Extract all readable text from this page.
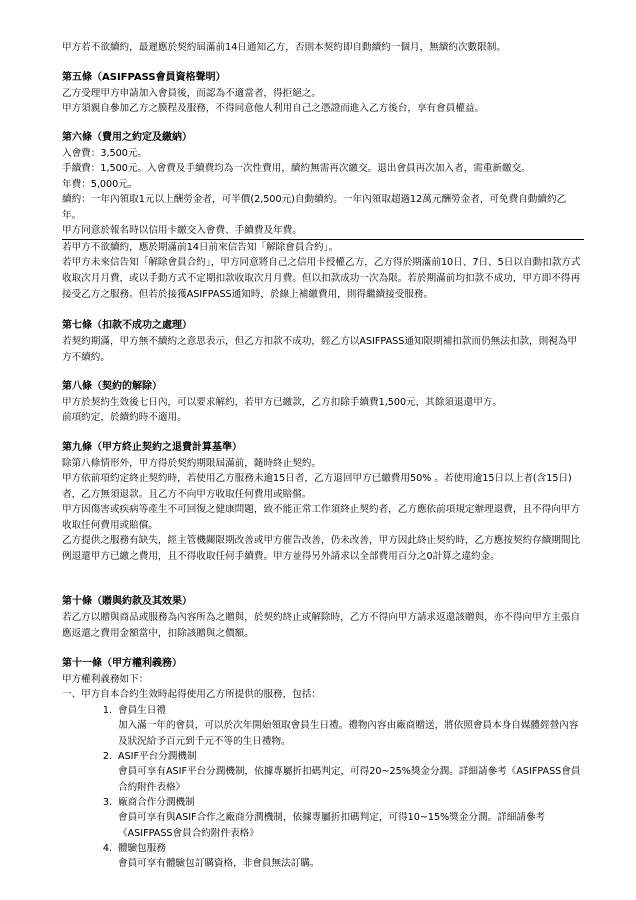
甲方若不欲續約，最遲應於契約屆滿前14日通知乙方，否則本契約即自動續約一個月，無續約次數限制。

第五條（ASIFPASS會員資格聲明）

乙方受理甲方申請加入會員後，而認為不適當者，得拒絕之。

甲方須親自參加乙方之膜程及服務，不得同意他人利用自己之憑證而進入乙方後台，享有會員權益。

第六條（費用之約定及繳納）

入會費：3,500元。

手續費：1,500元。入會費及手續費均為一次性費用，續約無需再次繳交。退出會員再次加入者，需重新繳交。

年費：5,000元。

續約：一年內領取1元以上酬勞金者，可半價(2,500元)自動續約。一年內領取超過12萬元酬勞金者，可免費自動續約乙年。

甲方同意於報名時以信用卡繳交入會費、手續費及年費。

若甲方不欲續約，應於期滿前14日前來信告知「解除會員合約」。

若甲方未來信告知「解除會員合約」，甲方同意將自己之信用卡授權乙方，乙方得於期滿前10日、7日、5日以自動扣款方式收取次月月費，或以手動方式不定期扣款收取次月月費。但以扣款成功一次為限。若於期滿前均扣款不成功，甲方即不得再接受乙方之服務。但若於接獲ASIFPASS通知時，於線上補繳費用，則得繼續接受服務。

第七條（扣款不成功之處理）

若契約期滿，甲方無不續約之意思表示，但乙方扣款不成功，經乙方以ASIFPASS通知限期補扣款而仍無法扣款，則視為甲方不續約。

第八條（契約的解除）

甲方於契約生效後七日內，可以要求解約，若甲方已繳款，乙方扣除手續費1,500元，其餘須退還甲方。

前項約定，於續約時不適用。

第九條（甲方終止契約之退費計算基準）

除第八條情形外，甲方得於契約期限屆滿前，隨時終止契約。

甲方依前項約定終止契約時，若使用乙方服務未逾15日者，乙方退回甲方已繳費用50% 。若使用逾15日以上者(含15日)者，乙方無須退款。且乙方不向甲方收取任何費用或賠償。

甲方因傷害或疾病等產生不可回復之健康問題，致不能正常工作須終止契約者，乙方應依前項規定辦理退費，且不得向甲方收取任何費用或賠償。

乙方提供之服務有缺失，經主管機關限期改善或甲方催告改善，仍未改善，甲方因此終止契約時，乙方應按契約存續期間比例退還甲方已繳之費用，且不得收取任何手續費。甲方並得另外請求以全部費用百分之0計算之違約金。

第十條（贈與約款及其效果）

若乙方以贈與商品或服務為內容所為之贈與，於契約終止或解除時，乙方不得向甲方請求返還該贈與，亦不得向甲方主張自應返還之費用金額當中，扣除該贈與之價額。

第十一條（甲方權利義務）

甲方權利義務如下：

一、甲方自本合約生效時起得使用乙方所提供的服務，包括：

1. 會員生日禮

加入滿一年的會員，可以於次年開始領取會員生日禮。禮物內容由廠商贈送，將依照會員本身自媒體經營內容及狀況給予百元到千元不等的生日禮物。

2. ASIF平台分潤機制

會員可享有ASIF平台分潤機制，依據專屬折扣碼判定，可得20~25%獎金分潤。詳細請參考《ASIFPASS會員合約附件表格》

3. 廠商合作分潤機制

會員可享有與ASIF合作之廠商分潤機制，依據專屬折扣碼判定，可得10~15%獎金分潤。詳細請參考《ASIFPASS會員合約附件表格》

4. 體驗包服務

會員可享有體驗包訂購資格，非會員無法訂購。
